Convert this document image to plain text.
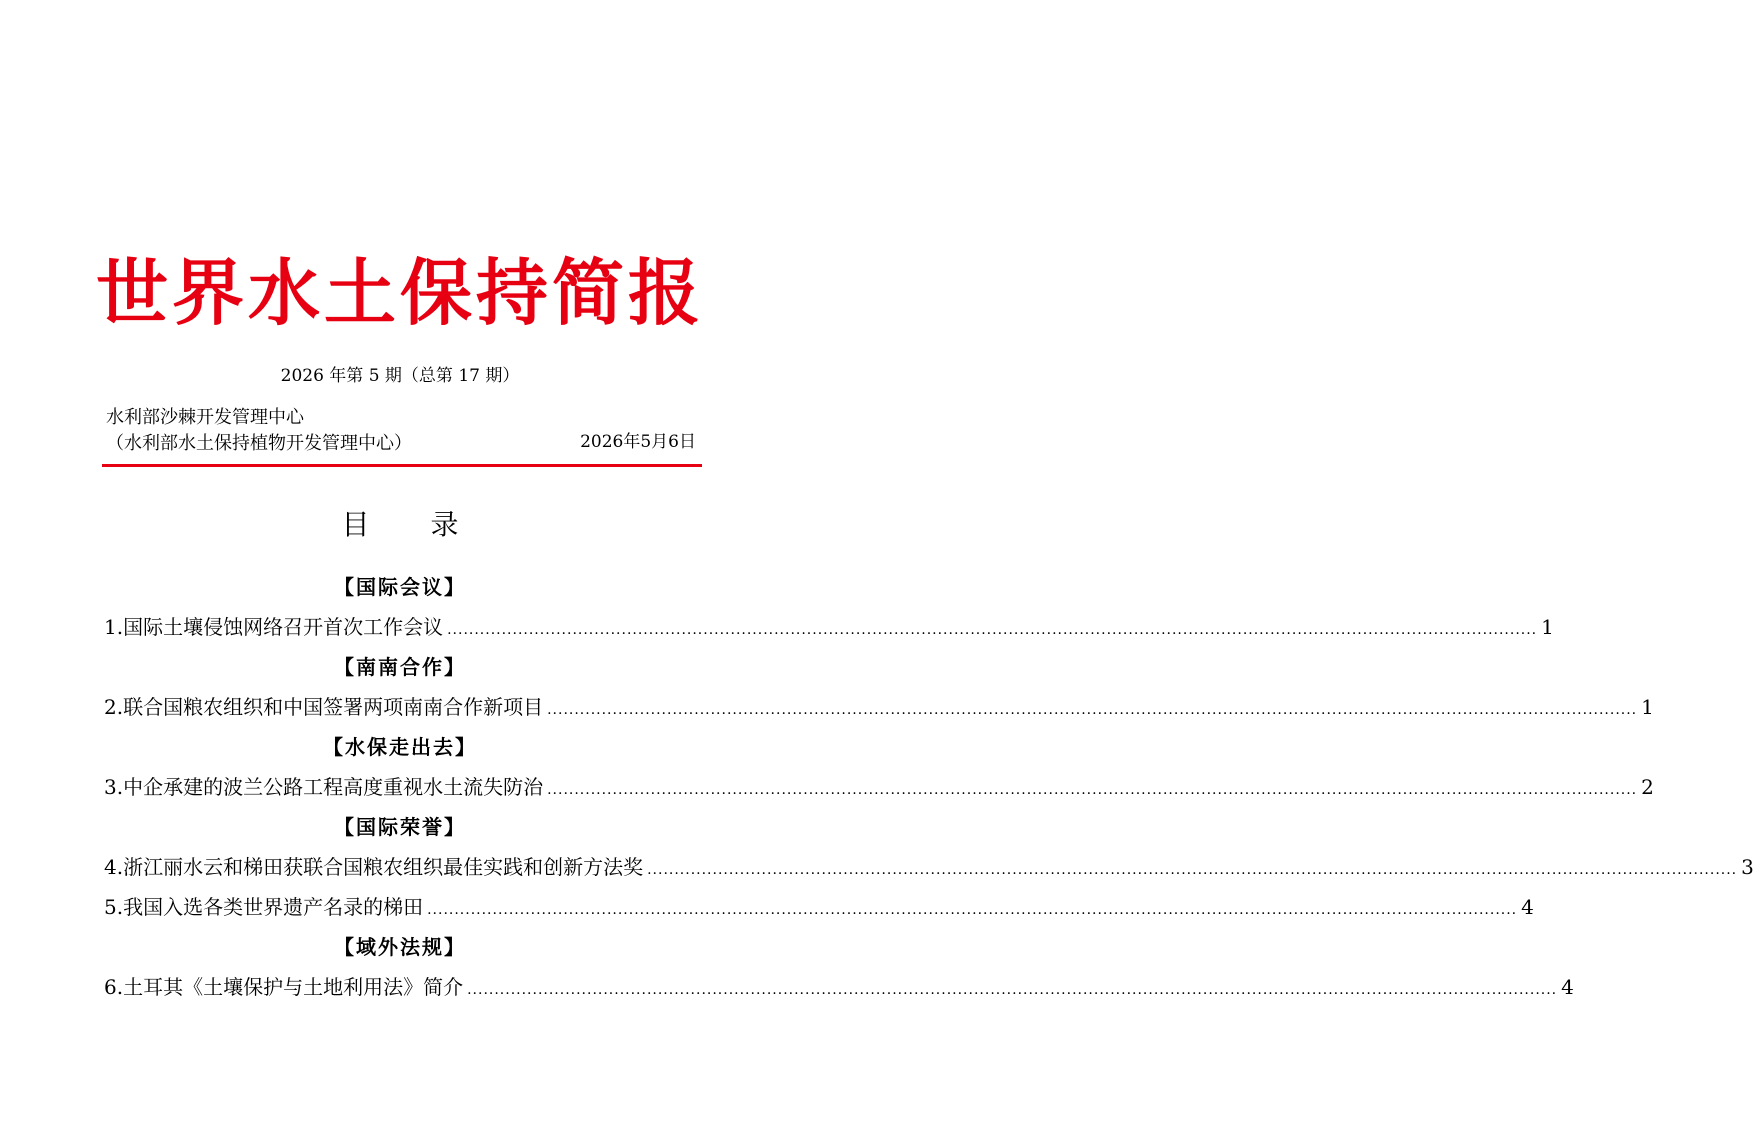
世界水土保持简报
2026 年第 5 期（总第 17 期）
水利部沙棘开发管理中心
（水利部水土保持植物开发管理中心）	2026年5月6日
目 录
【国际会议】
1.国际土壤侵蚀网络召开首次工作会议 ........................................................................................................................................................................................................ 1
【南南合作】
2.联合国粮农组织和中国签署两项南南合作新项目 ........................................................................................................................................................................................................ 1
【水保走出去】
3.中企承建的波兰公路工程高度重视水土流失防治 ........................................................................................................................................................................................................ 2
【国际荣誉】
4.浙江丽水云和梯田获联合国粮农组织最佳实践和创新方法奖 ........................................................................................................................................................................................................ 3
5.我国入选各类世界遗产名录的梯田 ........................................................................................................................................................................................................ 4
【域外法规】
6.土耳其《土壤保护与土地利用法》简介 ........................................................................................................................................................................................................ 4
